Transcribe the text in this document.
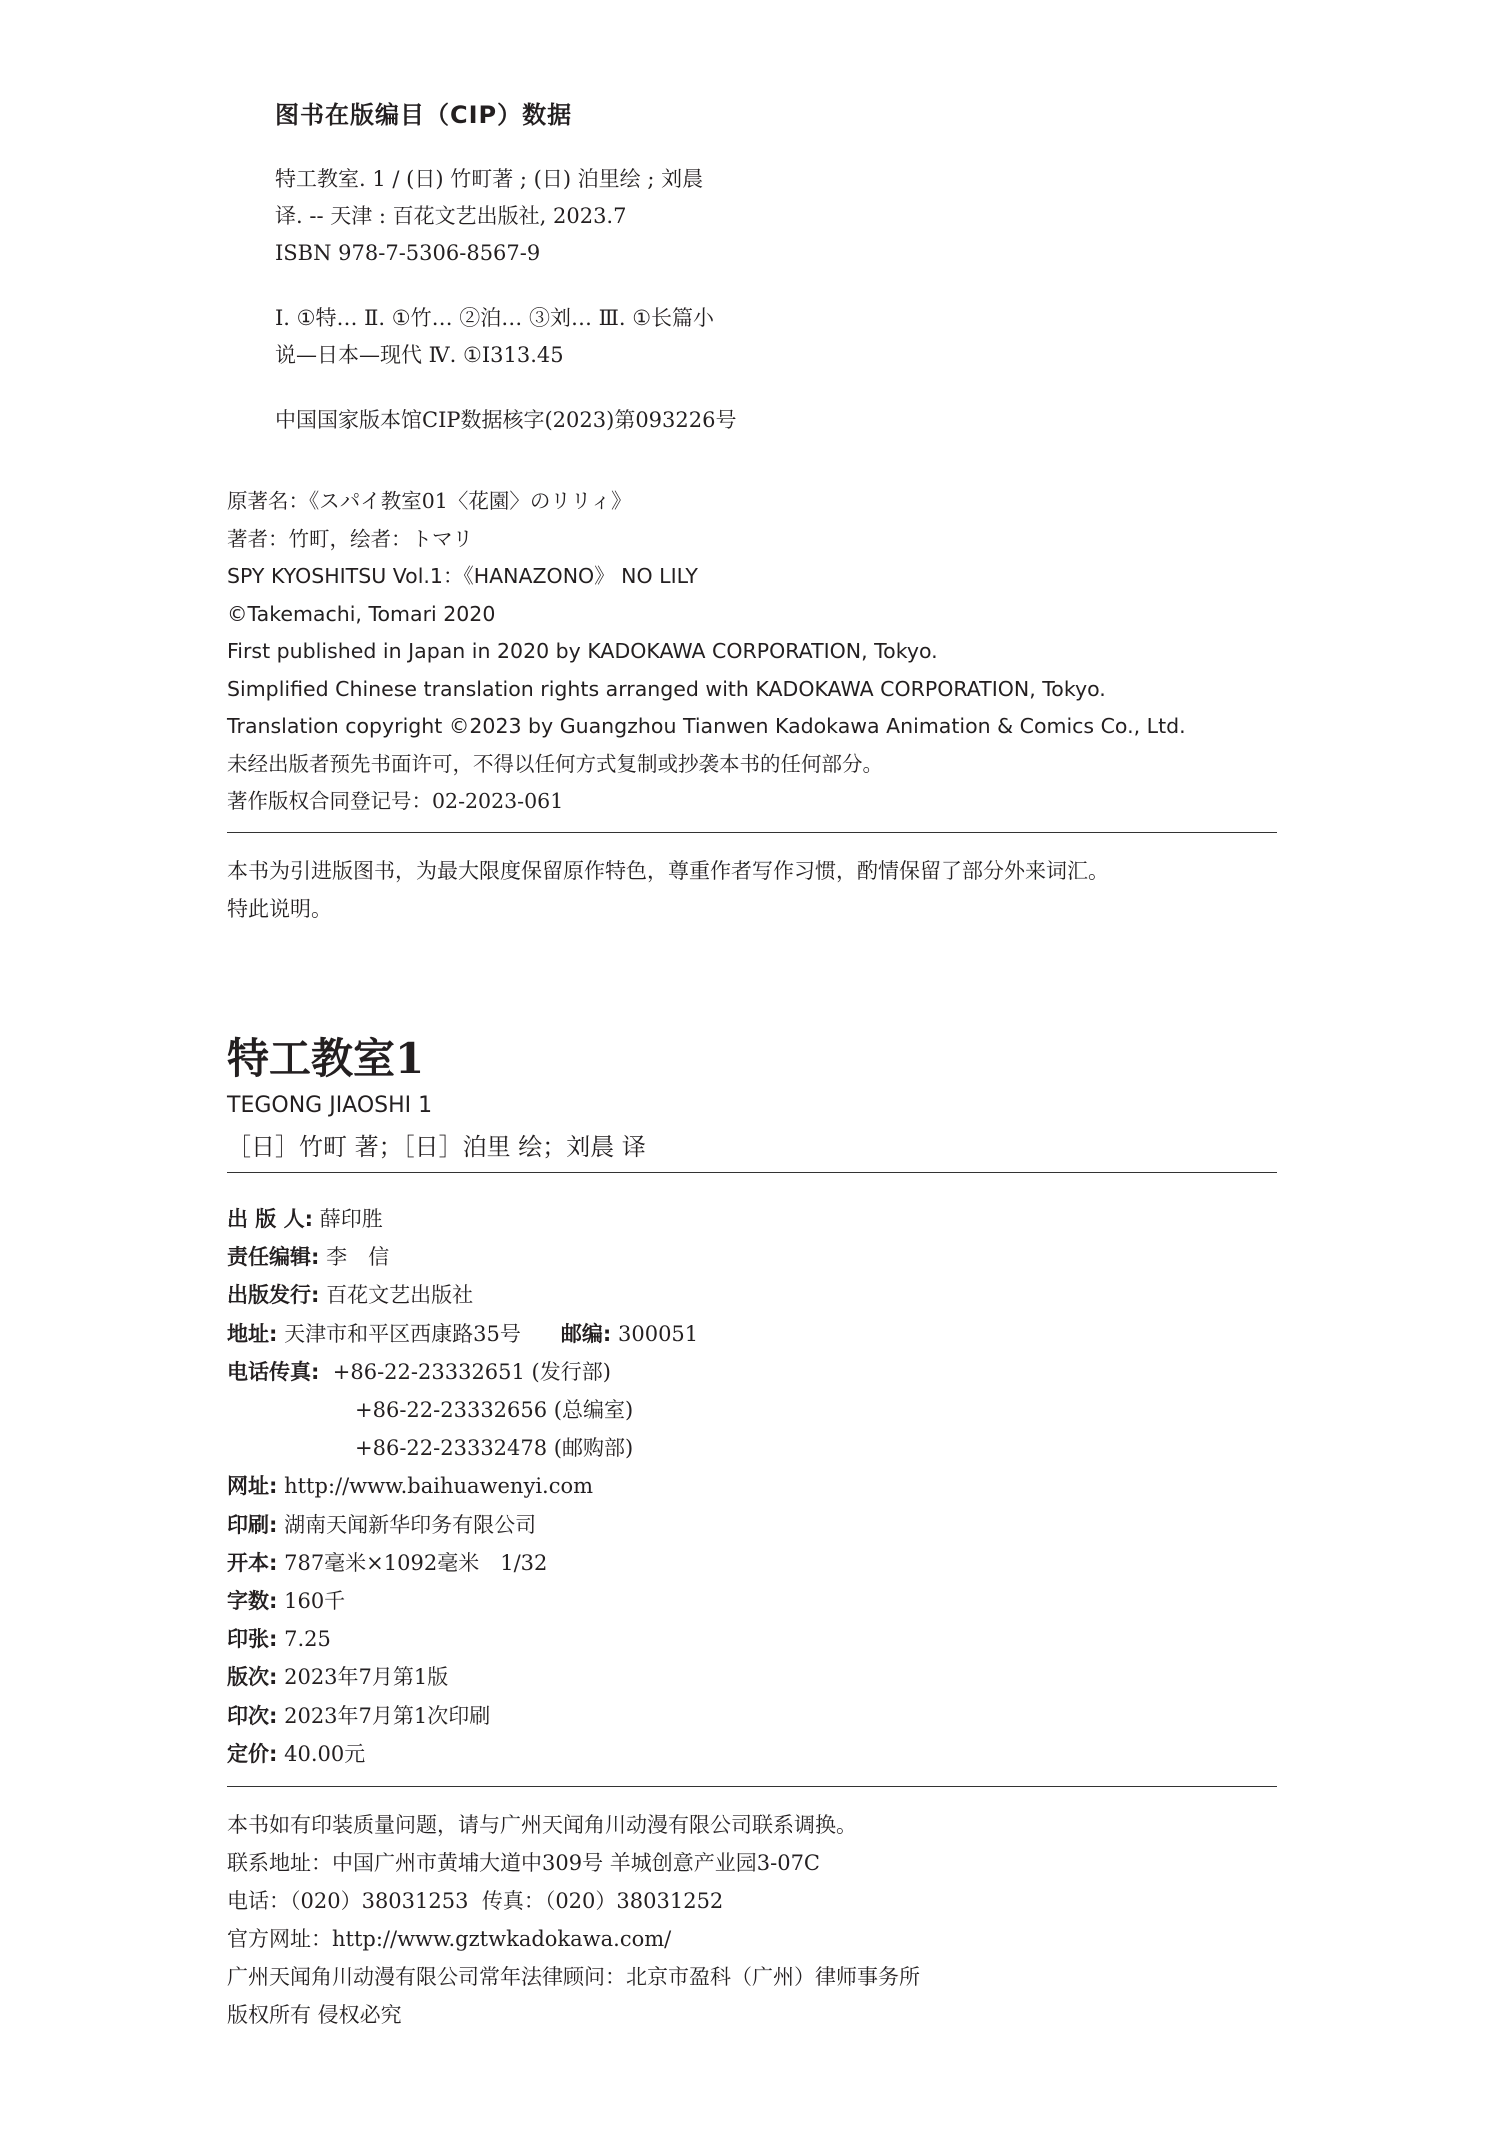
图书在版编目（CIP）数据
特工教室. 1 / (日) 竹町著 ; (日) 泊里绘 ; 刘晨
译. -- 天津 : 百花文艺出版社, 2023.7
ISBN 978-7-5306-8567-9
Ⅰ. ①特… Ⅱ. ①竹… ②泊… ③刘… Ⅲ. ①长篇小
说—日本—现代 Ⅳ. ①I313.45
中国国家版本馆CIP数据核字(2023)第093226号
原著名：《スパイ教室01〈花園〉のリリィ》
著者：竹町，绘者：トマリ
SPY KYOSHITSU Vol.1：《HANAZONO》 NO LILY
©Takemachi, Tomari 2020
First published in Japan in 2020 by KADOKAWA CORPORATION, Tokyo.
Simplified Chinese translation rights arranged with KADOKAWA CORPORATION, Tokyo.
Translation copyright ©2023 by Guangzhou Tianwen Kadokawa Animation & Comics Co., Ltd.
未经出版者预先书面许可，不得以任何方式复制或抄袭本书的任何部分。
著作版权合同登记号：02-2023-061
本书为引进版图书，为最大限度保留原作特色，尊重作者写作习惯，酌情保留了部分外来词汇。
特此说明。
特工教室1
TEGONG JIAOSHI 1
［日］竹町 著；［日］泊里 绘；刘晨 译
出 版 人: 薛印胜
责任编辑: 李　信
出版发行: 百花文艺出版社
地址: 天津市和平区西康路35号 邮编: 300051
电话传真: +86-22-23332651 (发行部)
+86-22-23332656 (总编室)
+86-22-23332478 (邮购部)
网址: http://www.baihuawenyi.com
印刷: 湖南天闻新华印务有限公司
开本: 787毫米×1092毫米　1/32
字数: 160千
印张: 7.25
版次: 2023年7月第1版
印次: 2023年7月第1次印刷
定价: 40.00元
本书如有印装质量问题，请与广州天闻角川动漫有限公司联系调换。
联系地址：中国广州市黄埔大道中309号 羊城创意产业园3-07C
电话：（020）38031253  传真：（020）38031252
官方网址：http://www.gztwkadokawa.com/
广州天闻角川动漫有限公司常年法律顾问：北京市盈科（广州）律师事务所
版权所有 侵权必究
